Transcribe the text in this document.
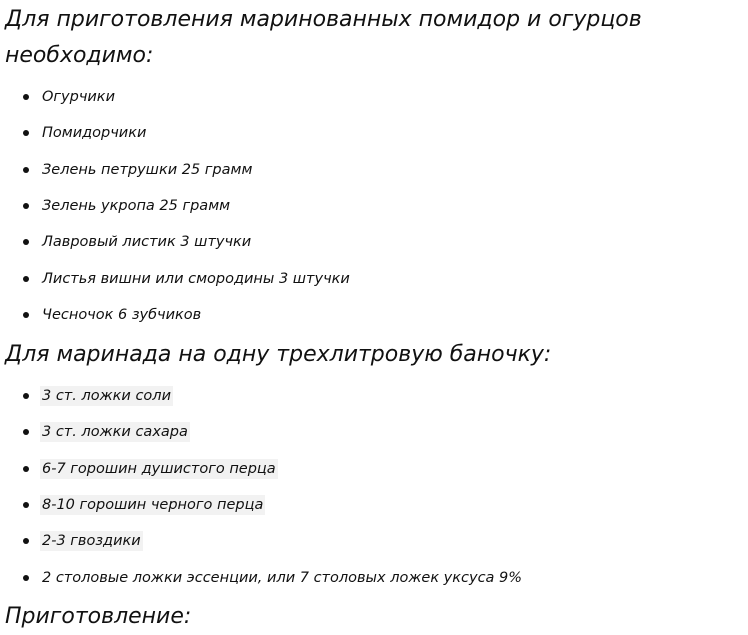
Для приготовления маринованных помидор и огурцов
необходимо:
Огурчики
Помидорчики
Зелень петрушки 25 грамм
Зелень укропа 25 грамм
Лавровый листик 3 штучки
Листья вишни или смородины 3 штучки
Чесночок 6 зубчиков
Для маринада на одну трехлитровую баночку:
3 ст. ложки соли
3 ст. ложки сахара
6-7 горошин душистого перца
8-10 горошин черного перца
2-3 гвоздики
2 столовые ложки эссенции, или 7 столовых ложек уксуса 9%
Приготовление:
